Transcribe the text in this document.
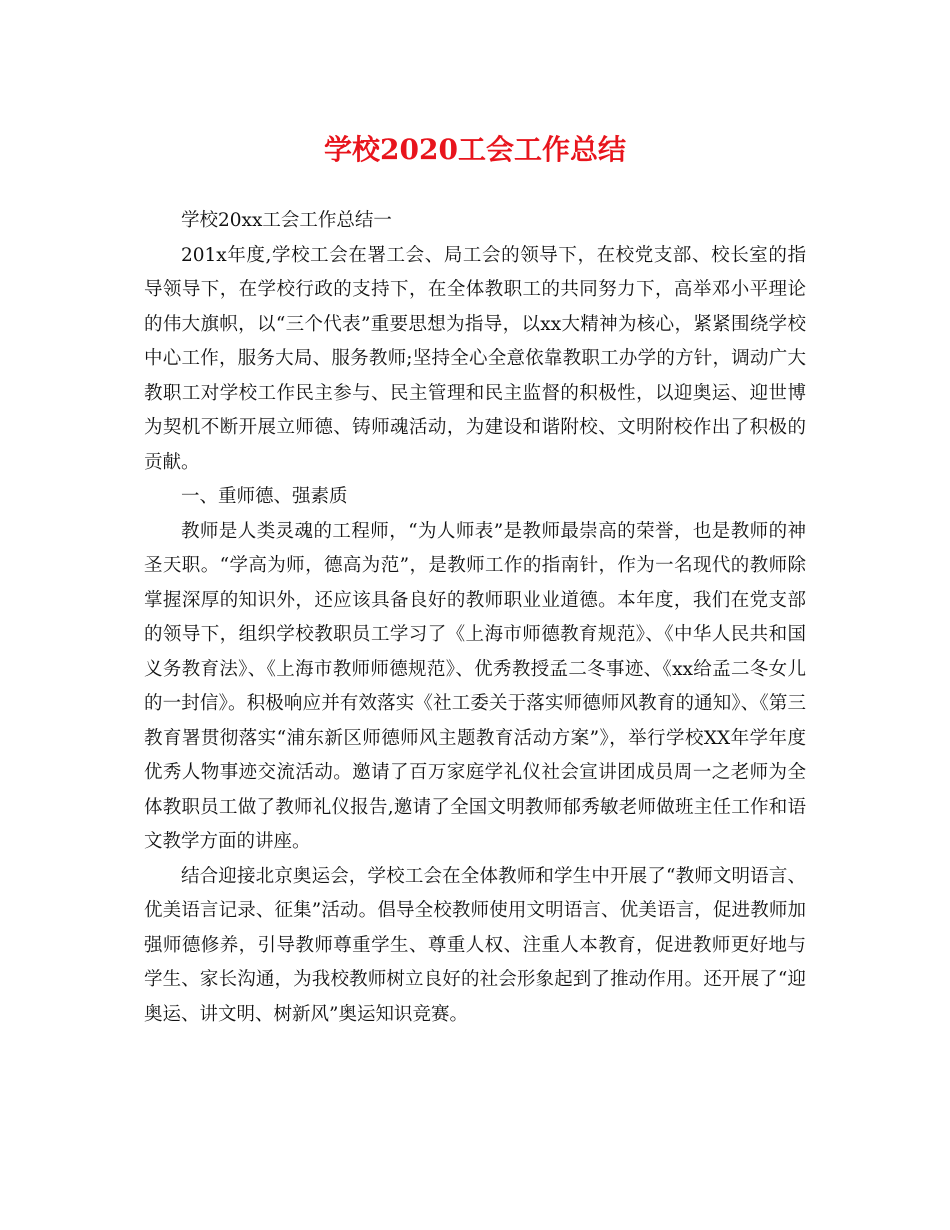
学校2020工会工作总结

学校20xx工会工作总结一

201x年度,学校工会在署工会、局工会的领导下，在校党支部、校长室的指导领导下，在学校行政的支持下，在全体教职工的共同努力下，高举邓小平理论的伟大旗帜，以“三个代表”重要思想为指导，以xx大精神为核心，紧紧围绕学校中心工作，服务大局、服务教师;坚持全心全意依靠教职工办学的方针，调动广大教职工对学校工作民主参与、民主管理和民主监督的积极性，以迎奥运、迎世博为契机不断开展立师德、铸师魂活动，为建设和谐附校、文明附校作出了积极的贡献。

一、重师德、强素质

教师是人类灵魂的工程师，“为人师表”是教师最崇高的荣誉，也是教师的神圣天职。“学高为师，德高为范”，是教师工作的指南针，作为一名现代的教师除掌握深厚的知识外，还应该具备良好的教师职业业道德。本年度，我们在党支部的领导下，组织学校教职员工学习了《上海市师德教育规范》、《中华人民共和国义务教育法》、《上海市教师师德规范》、优秀教授孟二冬事迹、《xx给孟二冬女儿的一封信》。积极响应并有效落实《社工委关于落实师德师风教育的通知》、《第三教育署贯彻落实“浦东新区师德师风主题教育活动方案”》，举行学校XX年学年度优秀人物事迹交流活动。邀请了百万家庭学礼仪社会宣讲团成员周一之老师为全体教职员工做了教师礼仪报告,邀请了全国文明教师郁秀敏老师做班主任工作和语文教学方面的讲座。

结合迎接北京奥运会，学校工会在全体教师和学生中开展了“教师文明语言、优美语言记录、征集”活动。倡导全校教师使用文明语言、优美语言，促进教师加强师德修养，引导教师尊重学生、尊重人权、注重人本教育，促进教师更好地与学生、家长沟通，为我校教师树立良好的社会形象起到了推动作用。还开展了“迎奥运、讲文明、树新风”奥运知识竞赛。
